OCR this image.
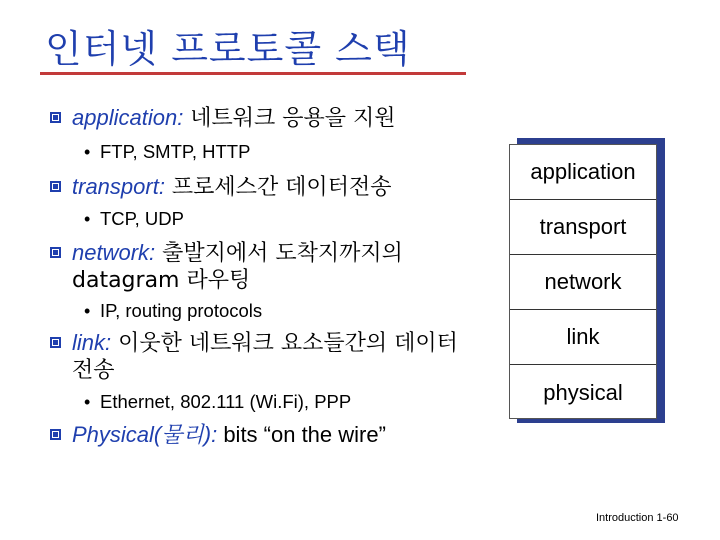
인터넷 프로토콜 스택
application: 네트워크 응용을 지원
• FTP, SMTP, HTTP
transport: 프로세스간 데이터전송
• TCP, UDP
network: 출발지에서 도착지까지의 datagram 라우팅
• IP, routing protocols
link: 이웃한 네트워크 요소들간의 데이터 전송
• Ethernet, 802.111 (Wi.Fi), PPP
Physical(물리): bits “on the wire”
application
transport
network
link
physical
Introduction 1-60
